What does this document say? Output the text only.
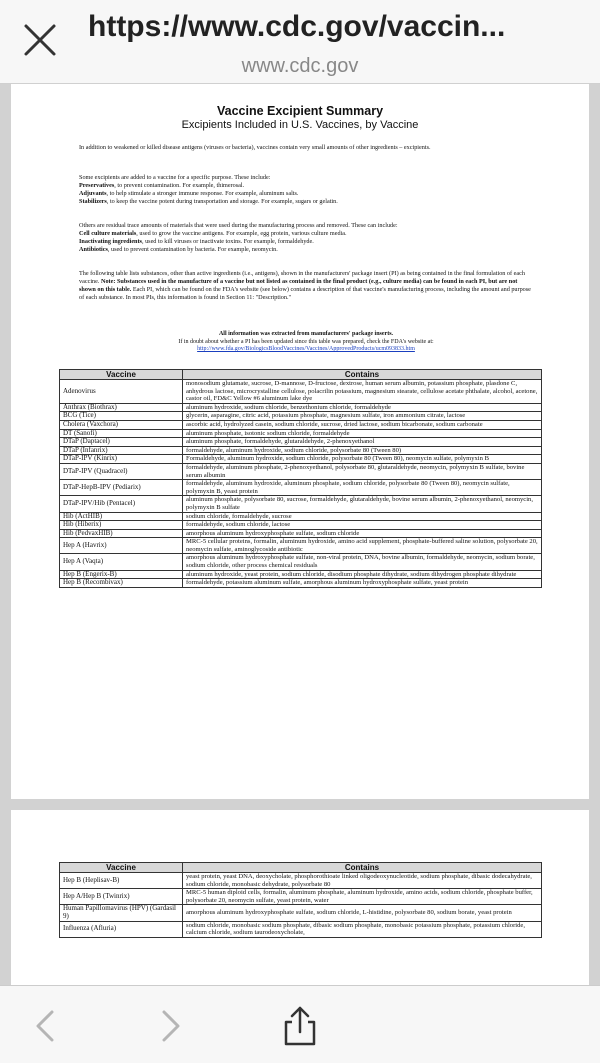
https://www.cdc.gov/vaccin...
www.cdc.gov
Vaccine Excipient Summary
Excipients Included in U.S. Vaccines, by Vaccine
In addition to weakened or killed disease antigens (viruses or bacteria), vaccines contain very small amounts of other ingredients – excipients.
Some excipients are added to a vaccine for a specific purpose. These include:
Preservatives, to prevent contamination. For example, thimerosal.
Adjuvants, to help stimulate a stronger immune response. For example, aluminum salts.
Stabilizers, to keep the vaccine potent during transportation and storage. For example, sugars or gelatin.
Others are residual trace amounts of materials that were used during the manufacturing process and removed. These can include:
Cell culture materials, used to grow the vaccine antigens. For example, egg protein, various culture media.
Inactivating ingredients, used to kill viruses or inactivate toxins. For example, formaldehyde.
Antibiotics, used to prevent contamination by bacteria. For example, neomycin.
The following table lists substances, other than active ingredients (i.e., antigens), shown in the manufacturers' package insert (PI) as being contained in the final formulation of each vaccine. Note: Substances used in the manufacture of a vaccine but not listed as contained in the final product (e.g., culture media) can be found in each PI, but are not shown on this table. Each PI, which can be found on the FDA's website (see below) contains a description of that vaccine's manufacturing process, including the amount and purpose of each substance. In most PIs, this information is found in Section 11: "Description."
All information was extracted from manufacturers' package inserts.
If in doubt about whether a PI has been updated since this table was prepared, check the FDA's website at:
http://www.fda.gov/BiologicsBloodVaccines/Vaccines/ApprovedProducts/ucm093833.htm
Vaccine	Contains
Adenovirus	monosodium glutamate, sucrose, D-mannose, D-fructose, dextrose, human serum albumin, potassium phosphate, plasdone C, anhydrous lactose, microcrystalline cellulose, polacrilin potassium, magnesium stearate, cellulose acetate phthalate, alcohol, acetone, castor oil, FD&C Yellow #6 aluminum lake dye
Anthrax (Biothrax)	aluminum hydroxide, sodium chloride, benzethonium chloride, formaldehyde
BCG (Tice)	glycerin, asparagine, citric acid, potassium phosphate, magnesium sulfate, iron ammonium citrate, lactose
Cholera (Vaxchora)	ascorbic acid, hydrolyzed casein, sodium chloride, sucrose, dried lactose, sodium bicarbonate, sodium carbonate
DT (Sanofi)	aluminum phosphate, isotonic sodium chloride, formaldehyde
DTaP (Daptacel)	aluminum phosphate, formaldehyde, glutaraldehyde, 2-phenoxyethanol
DTaP (Infanrix)	formaldehyde, aluminum hydroxide, sodium chloride, polysorbate 80 (Tween 80)
DTaP-IPV (Kinrix)	Formaldehyde, aluminum hydroxide, sodium chloride, polysorbate 80 (Tween 80), neomycin sulfate, polymyxin B
DTaP-IPV (Quadracel)	formaldehyde, aluminum phosphate, 2-phenoxyethanol, polysorbate 80, glutaraldehyde, neomycin, polymyxin B sulfate, bovine serum albumin
DTaP-HepB-IPV (Pediarix)	formaldehyde, aluminum hydroxide, aluminum phosphate, sodium chloride, polysorbate 80 (Tween 80), neomycin sulfate, polymyxin B, yeast protein
DTaP-IPV/Hib (Pentacel)	aluminum phosphate, polysorbate 80, sucrose, formaldehyde, glutaraldehyde, bovine serum albumin, 2-phenoxyethanol, neomycin, polymyxin B sulfate
Hib (ActHIB)	sodium chloride, formaldehyde, sucrose
Hib (Hiberix)	formaldehyde, sodium chloride, lactose
Hib (PedvaxHIB)	amorphous aluminum hydroxyphosphate sulfate, sodium chloride
Hep A (Havrix)	MRC-5 cellular proteins, formalin, aluminum hydroxide, amino acid supplement, phosphate-buffered saline solution, polysorbate 20, neomycin sulfate, aminoglycoside antibiotic
Hep A (Vaqta)	amorphous aluminum hydroxyphosphate sulfate, non-viral protein, DNA, bovine albumin, formaldehyde, neomycin, sodium borate, sodium chloride, other process chemical residuals
Hep B (Engerix-B)	aluminum hydroxide, yeast protein, sodium chloride, disodium phosphate dihydrate, sodium dihydrogen phosphate dihydrate
Hep B (Recombivax)	formaldehyde, potassium aluminum sulfate, amorphous aluminum hydroxyphosphate sulfate, yeast protein
Vaccine	Contains
Hep B (Heplisav-B)	yeast protein, yeast DNA, deoxycholate, phosphorothioate linked oligodeoxynucleotide, sodium phosphate, dibasic dodecahydrate, sodium chloride, monobasic dehydrate, polysorbate 80
Hep A/Hep B (Twinrix)	MRC-5 human diploid cells, formalin, aluminum phosphate, aluminum hydroxide, amino acids, sodium chloride, phosphate buffer, polysorbate 20, neomycin sulfate, yeast protein, water
Human Papillomavirus (HPV) (Gardasil 9)	amorphous aluminum hydroxyphosphate sulfate, sodium chloride, L-histidine, polysorbate 80, sodium borate, yeast protein
Influenza (Afluria)	sodium chloride, monobasic sodium phosphate, dibasic sodium phosphate, monobasic potassium phosphate, potassium chloride, calcium chloride, sodium taurodeoxycholate,
